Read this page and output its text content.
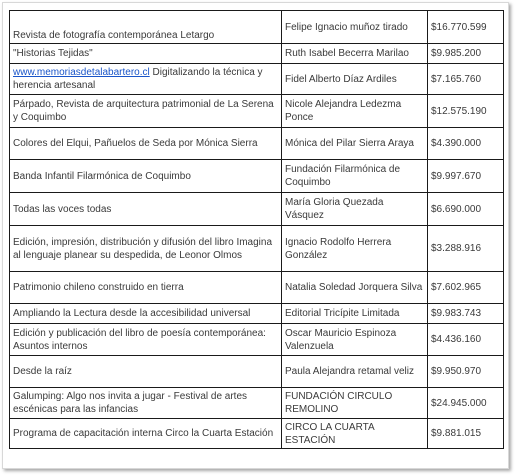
Revista de fotografía contemporánea Letargo	Felipe Ignacio muñoz tirado	$16.770.599
"Historias Tejidas"	Ruth Isabel Becerra Marilao	$9.985.200
www.memoriasdetalabartero.cl Digitalizando la técnica y herencia artesanal	Fidel Alberto Díaz Ardiles	$7.165.760
Párpado, Revista de arquitectura patrimonial de La Serena y Coquimbo	Nicole Alejandra Ledezma Ponce	$12.575.190
Colores del Elqui, Pañuelos de Seda por Mónica Sierra	Mónica del Pilar Sierra Araya	$4.390.000
Banda Infantil Filarmónica de Coquimbo	Fundación Filarmónica de Coquimbo	$9.997.670
Todas las voces todas	María Gloria Quezada Vásquez	$6.690.000
Edición, impresión, distribución y difusión del libro Imagina al lenguaje planear su despedida, de Leonor Olmos	Ignacio Rodolfo Herrera González	$3.288.916
Patrimonio chileno construido en tierra	Natalia Soledad Jorquera Silva	$7.602.965
Ampliando la Lectura desde la accesibilidad universal	Editorial Tricípite Limitada	$9.983.743
Edición y publicación del libro de poesía contemporánea: Asuntos internos	Oscar Mauricio Espinoza Valenzuela	$4.436.160
Desde la raíz	Paula Alejandra retamal veliz	$9.950.970
Galumping: Algo nos invita a jugar - Festival de artes escénicas para las infancias	FUNDACIÓN CIRCULO REMOLINO	$24.945.000
Programa de capacitación interna Circo la Cuarta Estación	CIRCO LA CUARTA ESTACIÓN	$9.881.015
